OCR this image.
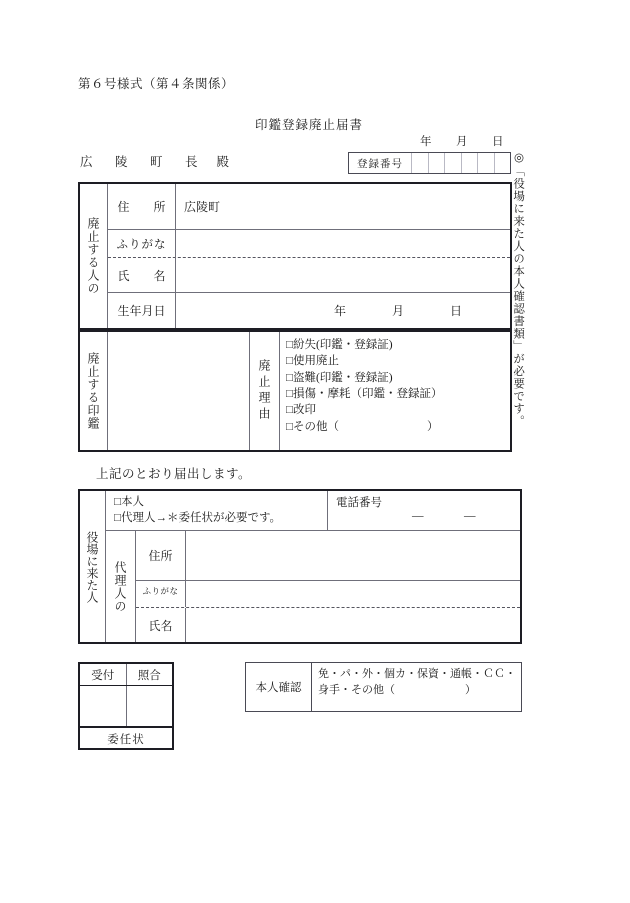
第６号様式（第４条関係）
印鑑登録廃止届書
年 月 日
広　陵　町　長 殿	登録番号	◎「役場に来た人の本人確認書類」が必要です。
廃止する人の
住　　所	広陵町
ふりがな
氏　　名
生年月日	年	月	日
廃止する印鑑	廃止理由
□紛失(印鑑・登録証)
□使用廃止
□盗難(印鑑・登録証)
□損傷・摩耗（印鑑・登録証）
□改印
□その他（	）
上記のとおり届出します。
役場に来た人
□本人
□代理人→＊委任状が必要です。
電話番号
—	—
代理人の
住所
ふりがな
氏名
受付	照合
委任状
本人確認
免・パ・外・個カ・保資・通帳・ＣＣ・
身手・その他（	）
